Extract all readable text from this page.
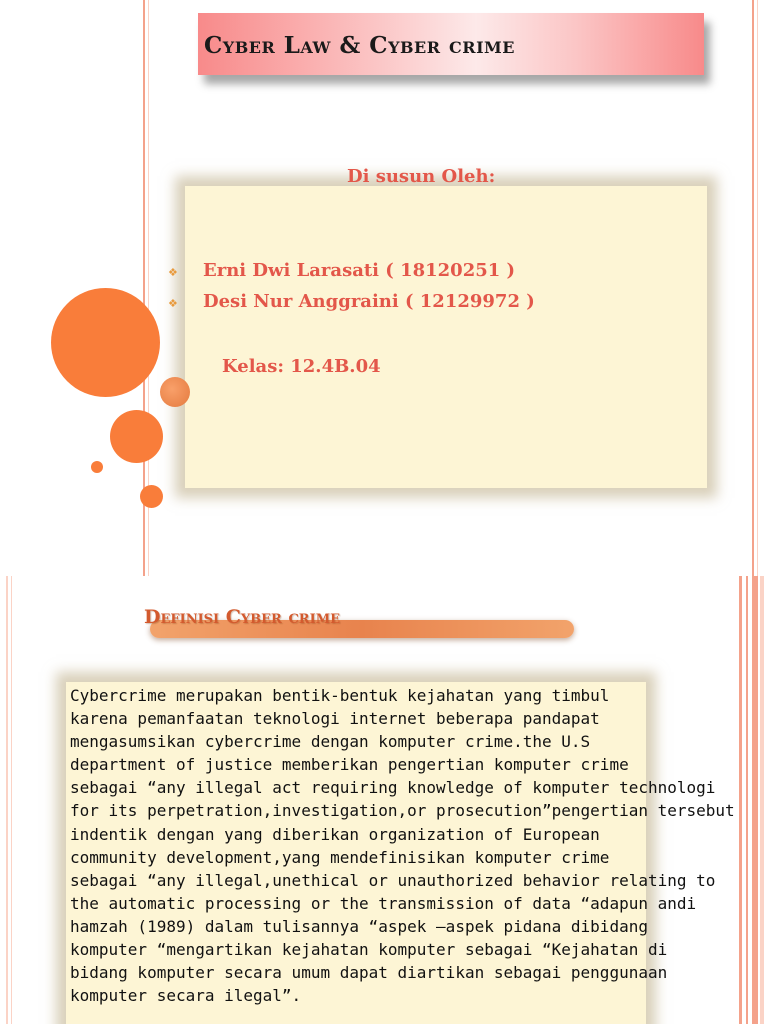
Cyber Law & Cyber crime
Di susun Oleh:
❖ Erni Dwi Larasati ( 18120251 )
❖ Desi Nur Anggraini ( 12129972 )
Kelas: 12.4B.04
Definisi Cyber crime
Cybercrime merupakan bentik-bentuk kejahatan yang timbul
karena pemanfaatan teknologi internet beberapa pandapat
mengasumsikan cybercrime dengan komputer crime.the U.S
department of justice memberikan pengertian komputer crime
sebagai “any illegal act requiring knowledge of komputer technologi
for its perpetration,investigation,or prosecution”pengertian tersebut
indentik dengan yang diberikan organization of European
community development,yang mendefinisikan komputer crime
sebagai “any illegal,unethical or unauthorized behavior relating to
the automatic processing or the transmission of data “adapun andi
hamzah (1989) dalam tulisannya “aspek –aspek pidana dibidang
komputer “mengartikan kejahatan komputer sebagai “Kejahatan di
bidang komputer secara umum dapat diartikan sebagai penggunaan
komputer secara ilegal”.
